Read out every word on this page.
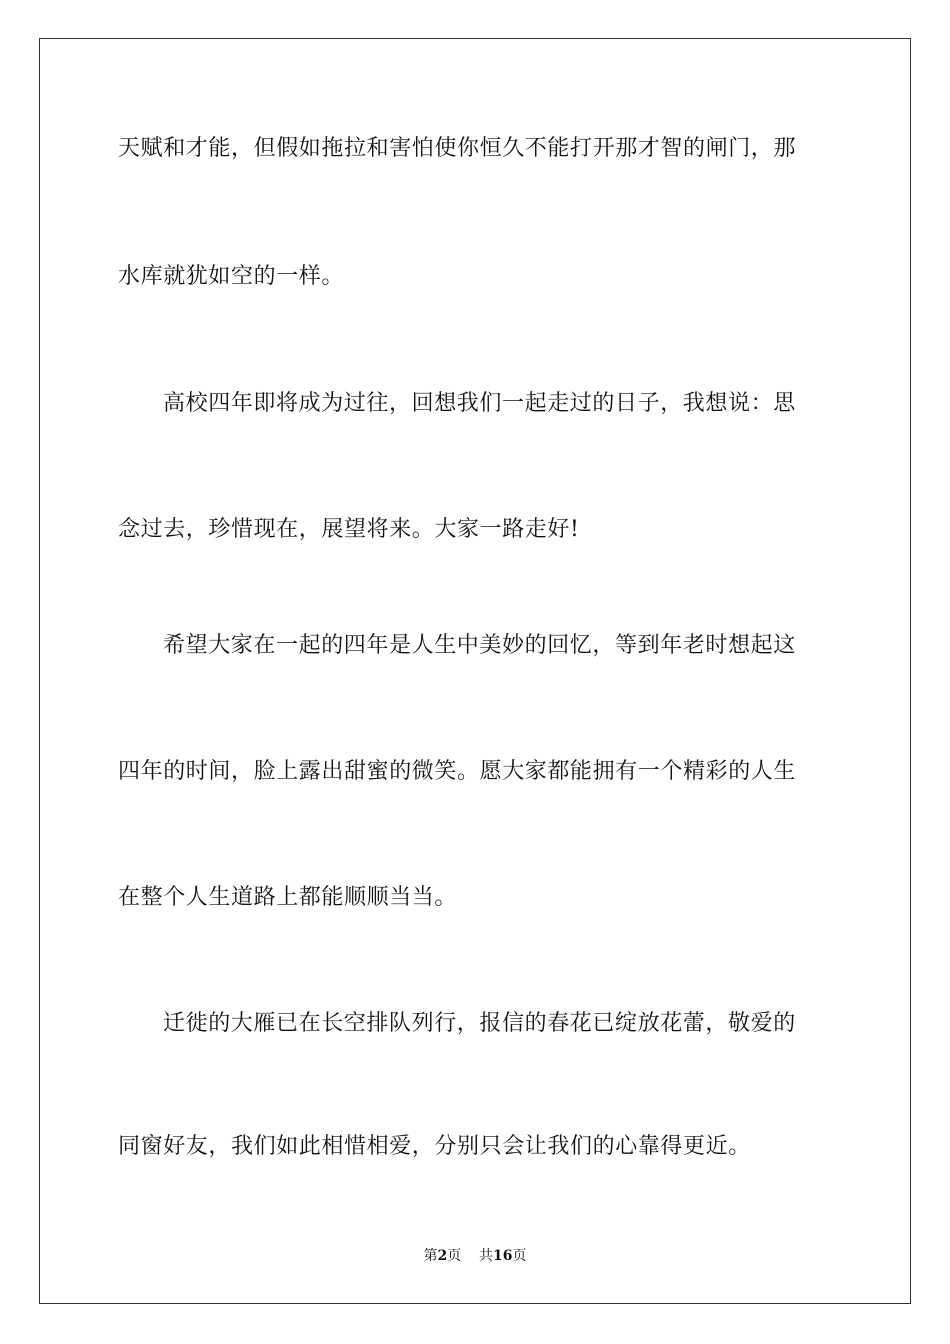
天赋和才能，但假如拖拉和害怕使你恒久不能打开那才智的闸门，那
水库就犹如空的一样。
高校四年即将成为过往，回想我们一起走过的日子，我想说：思
念过去，珍惜现在，展望将来。大家一路走好!
希望大家在一起的四年是人生中美妙的回忆，等到年老时想起这
四年的时间，脸上露出甜蜜的微笑。愿大家都能拥有一个精彩的人生
在整个人生道路上都能顺顺当当。
迁徙的大雁已在长空排队列行，报信的春花已绽放花蕾，敬爱的
同窗好友，我们如此相惜相爱，分别只会让我们的心靠得更近。
第2页 共16页
